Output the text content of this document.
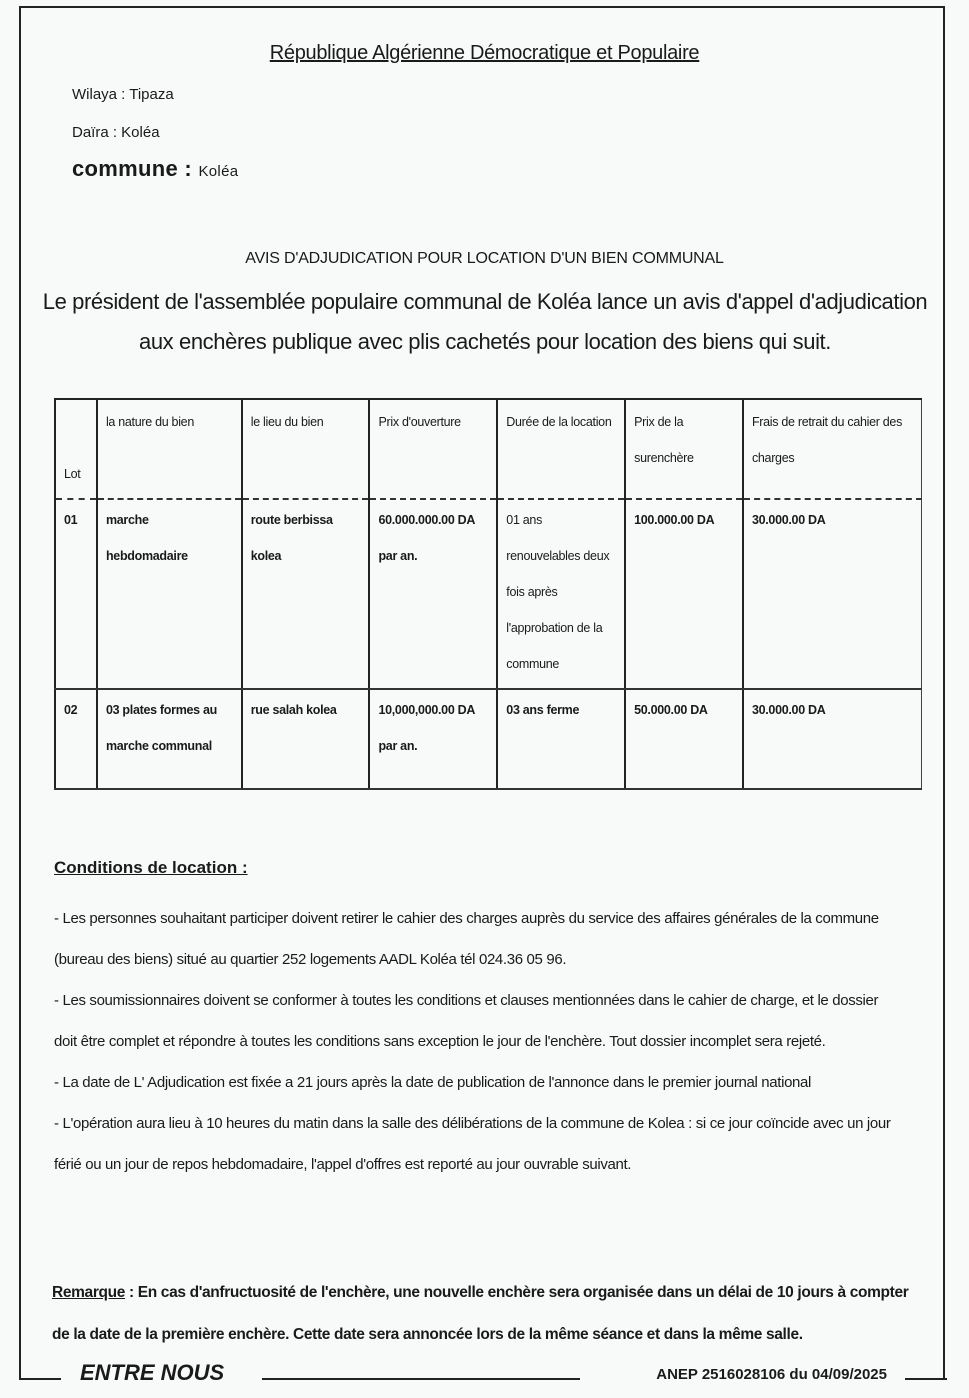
République Algérienne Démocratique et Populaire
Wilaya : Tipaza
Daïra : Koléa
commune : Koléa
AVIS D'ADJUDICATION POUR LOCATION D'UN BIEN COMMUNAL
Le président de l'assemblée populaire communal de Koléa lance un avis d'appel d'adjudication
aux enchères publique avec plis cachetés pour location des biens qui suit.
Lot	la nature du bien	le lieu du bien	Prix d'ouverture	Durée de la location	Prix de la surenchère	Frais de retrait du cahier des charges
01	marche hebdomadaire	route berbissa kolea	60.000.000.00 DA par an.	01 ans renouvelables deux fois après l'approbation de la commune	100.000.00 DA	30.000.00 DA
02	03 plates formes au marche communal	rue salah kolea	10,000,000.00 DA par an.	03 ans ferme	50.000.00 DA	30.000.00 DA
Conditions de location :

- Les personnes souhaitant participer doivent retirer le cahier des charges auprès du service des affaires générales de la commune (bureau des biens) situé au quartier 252 logements AADL Koléa tél 024.36 05 96.

- Les soumissionnaires doivent se conformer à toutes les conditions et clauses mentionnées dans le cahier de charge, et le dossier doit être complet et répondre à toutes les conditions sans exception le jour de l'enchère. Tout dossier incomplet sera rejeté.

- La date de L' Adjudication est fixée a 21 jours après la date de publication de l'annonce dans le premier journal national

- L'opération aura lieu à 10 heures du matin dans la salle des délibérations de la commune de Kolea : si ce jour coïncide avec un jour férié ou un jour de repos hebdomadaire, l'appel d'offres est reporté au jour ouvrable suivant.

Remarque : En cas d'anfructuosité de l'enchère, une nouvelle enchère sera organisée dans un délai de 10 jours à compter de la date de la première enchère. Cette date sera annoncée lors de la même séance et dans la même salle.
ENTRE NOUS	ANEP 2516028106 du 04/09/2025
